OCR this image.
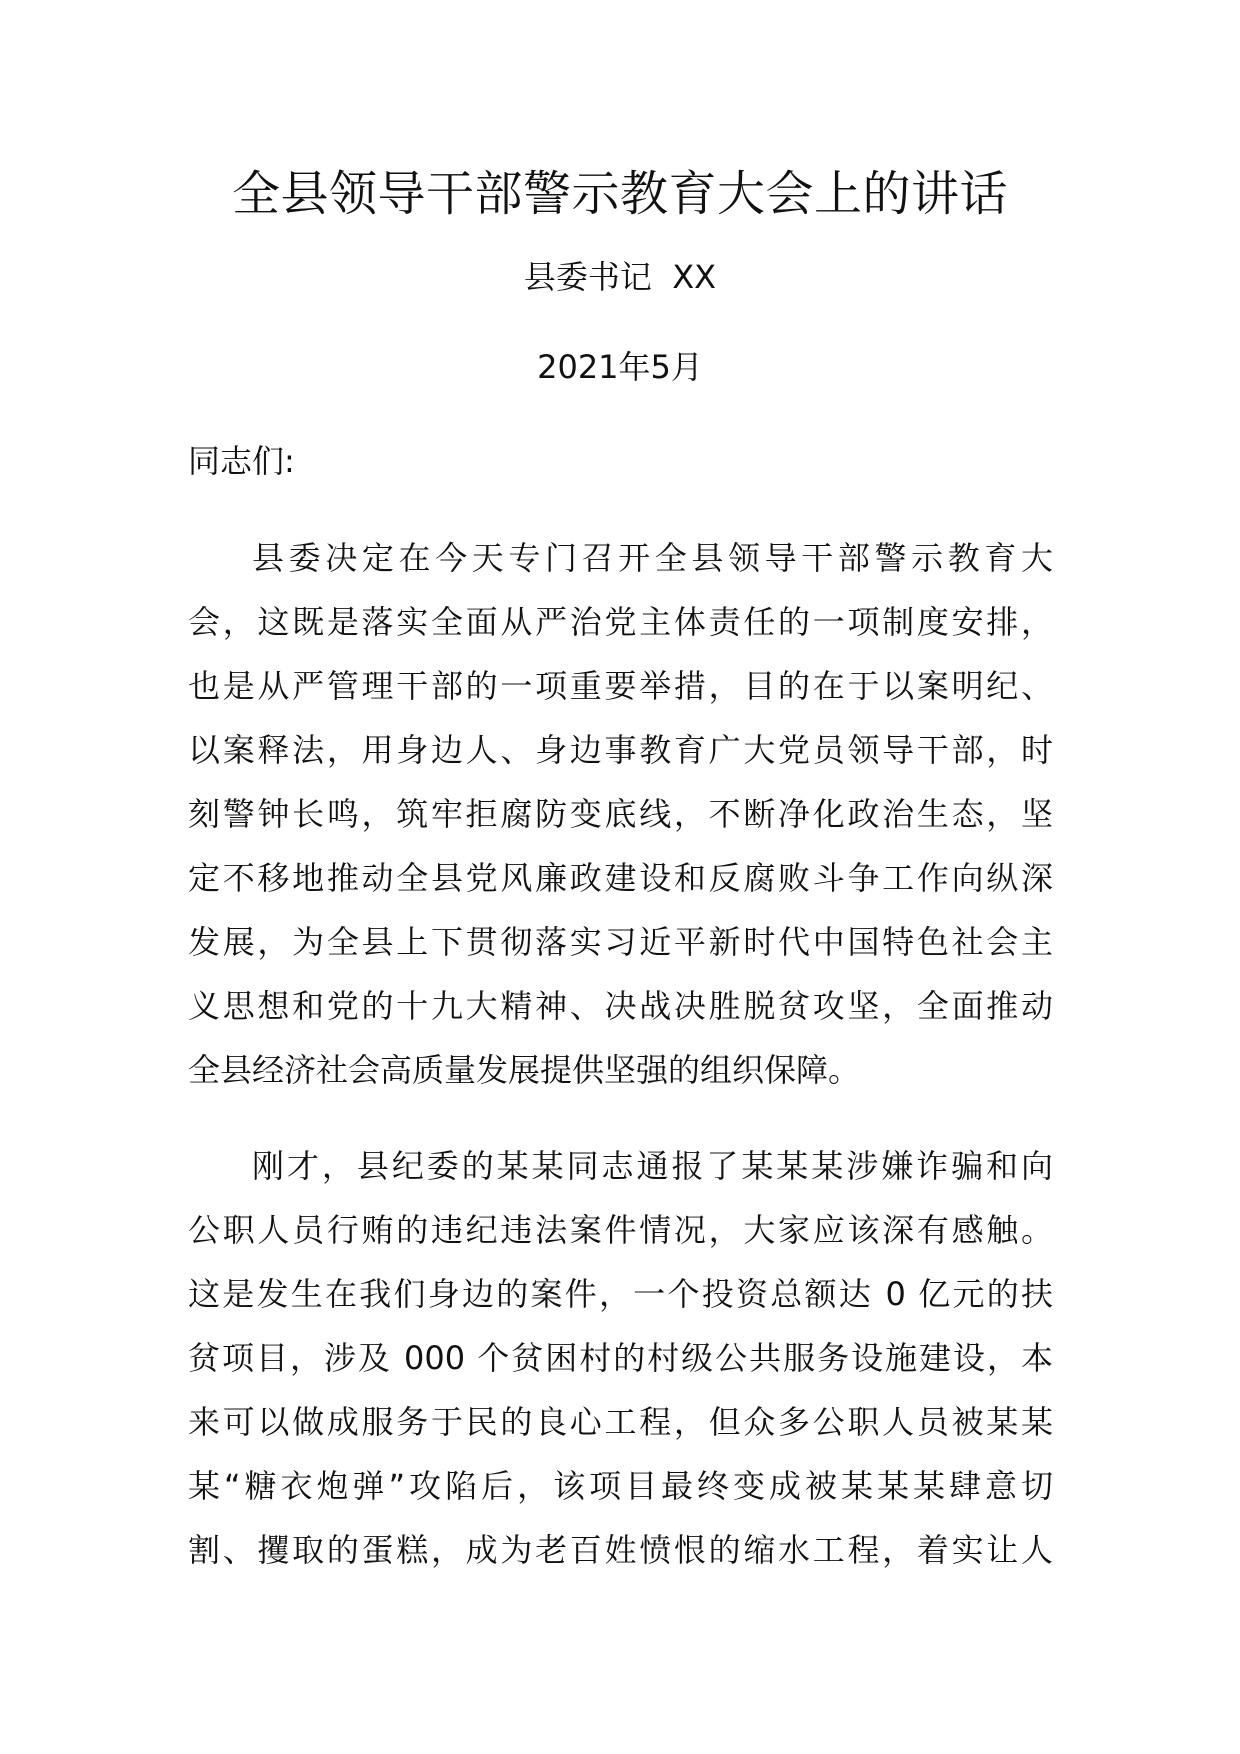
全县领导干部警示教育大会上的讲话
县委书记  XX
2021年5月
同志们:
县委决定在今天专门召开全县领导干部警示教育大
会，这既是落实全面从严治党主体责任的一项制度安排，
也是从严管理干部的一项重要举措，目的在于以案明纪、
以案释法，用身边人、身边事教育广大党员领导干部，时
刻警钟长鸣，筑牢拒腐防变底线，不断净化政治生态，坚
定不移地推动全县党风廉政建设和反腐败斗争工作向纵深
发展，为全县上下贯彻落实习近平新时代中国特色社会主
义思想和党的十九大精神、决战决胜脱贫攻坚，全面推动
全县经济社会高质量发展提供坚强的组织保障。
刚才，县纪委的某某同志通报了某某某涉嫌诈骗和向
公职人员行贿的违纪违法案件情况，大家应该深有感触。
这是发生在我们身边的案件，一个投资总额达 0 亿元的扶
贫项目，涉及 000 个贫困村的村级公共服务设施建设，本
来可以做成服务于民的良心工程，但众多公职人员被某某
某“糖衣炮弹”攻陷后，该项目最终变成被某某某肆意切
割、攫取的蛋糕，成为老百姓愤恨的缩水工程，着实让人
